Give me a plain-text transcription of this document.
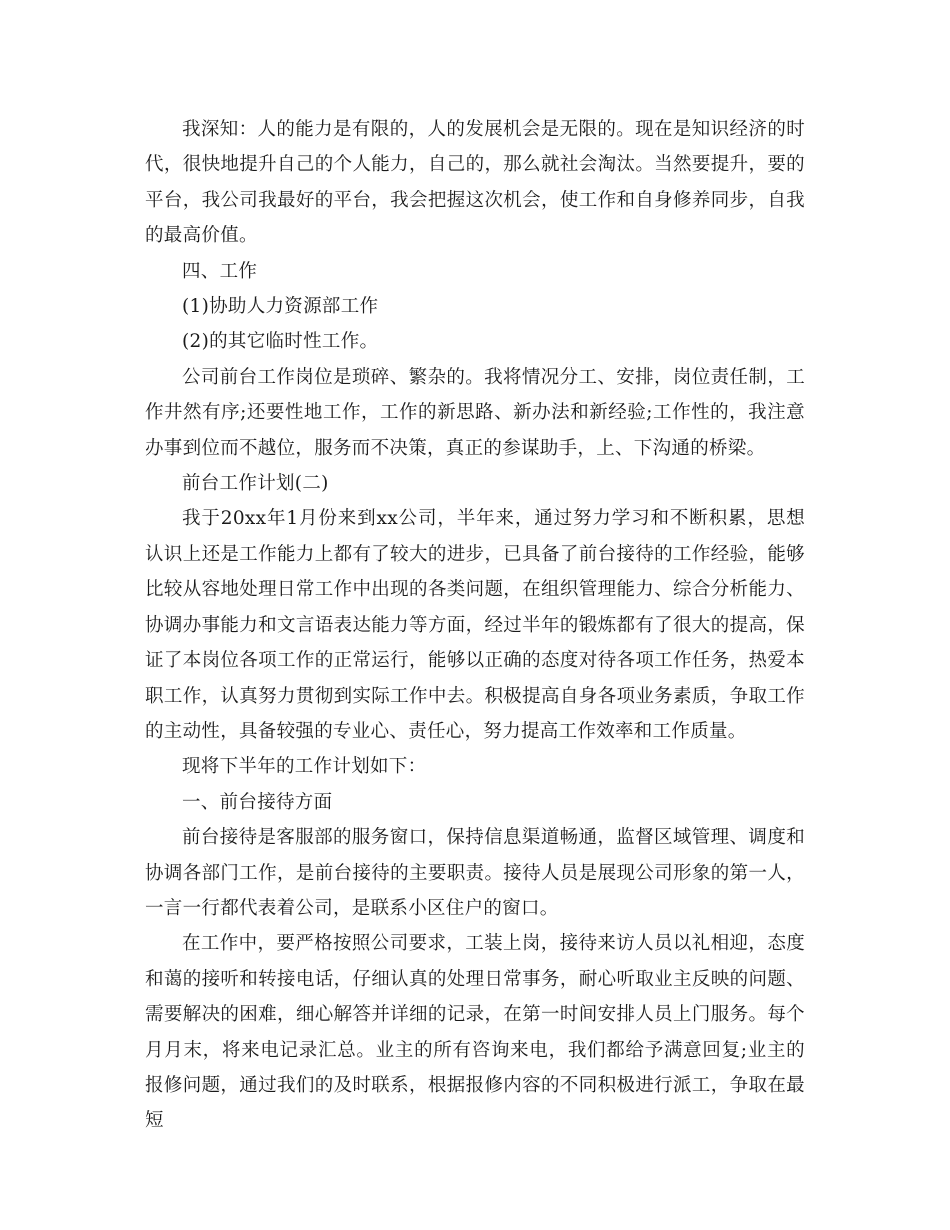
我深知：人的能力是有限的，人的发展机会是无限的。现在是知识经济的时代，很快地提升自己的个人能力，自己的，那么就社会淘汰。当然要提升，要的平台，我公司我最好的平台，我会把握这次机会，使工作和自身修养同步，自我的最高价值。

四、工作

(1)协助人力资源部工作

(2)的其它临时性工作。

公司前台工作岗位是琐碎、繁杂的。我将情况分工、安排，岗位责任制，工作井然有序;还要性地工作，工作的新思路、新办法和新经验;工作性的，我注意办事到位而不越位，服务而不决策，真正的参谋助手，上、下沟通的桥梁。

前台工作计划(二)

我于20xx年1月份来到xx公司，半年来，通过努力学习和不断积累，思想认识上还是工作能力上都有了较大的进步，已具备了前台接待的工作经验，能够比较从容地处理日常工作中出现的各类问题，在组织管理能力、综合分析能力、协调办事能力和文言语表达能力等方面，经过半年的锻炼都有了很大的提高，保证了本岗位各项工作的正常运行，能够以正确的态度对待各项工作任务，热爱本职工作，认真努力贯彻到实际工作中去。积极提高自身各项业务素质，争取工作的主动性，具备较强的专业心、责任心，努力提高工作效率和工作质量。

现将下半年的工作计划如下：

一、前台接待方面

前台接待是客服部的服务窗口，保持信息渠道畅通，监督区域管理、调度和协调各部门工作，是前台接待的主要职责。接待人员是展现公司形象的第一人，一言一行都代表着公司，是联系小区住户的窗口。

在工作中，要严格按照公司要求，工装上岗，接待来访人员以礼相迎，态度和蔼的接听和转接电话，仔细认真的处理日常事务，耐心听取业主反映的问题、需要解决的困难，细心解答并详细的记录，在第一时间安排人员上门服务。每个月月末，将来电记录汇总。业主的所有咨询来电，我们都给予满意回复;业主的报修问题，通过我们的及时联系，根据报修内容的不同积极进行派工，争取在最短
